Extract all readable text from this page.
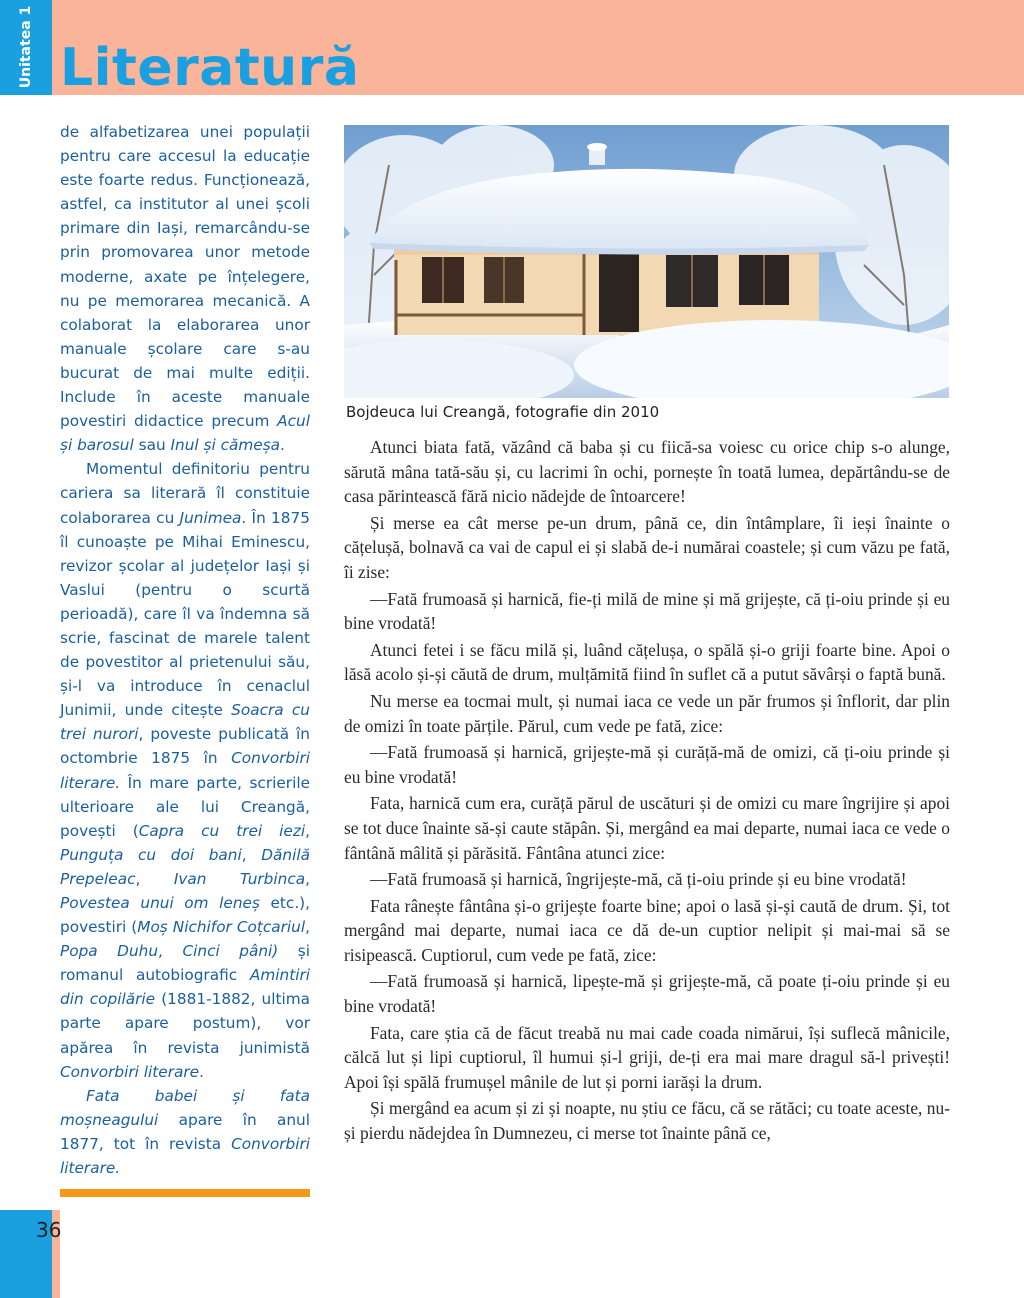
Unitatea 1 Literatură

de alfabetizarea unei populații pentru care accesul la educație este foarte redus. Funcționează, astfel, ca institutor al unei școli primare din Iași, remarcându-se prin promovarea unor metode moderne, axate pe înțelegere, nu pe memorarea mecanică. A colaborat la elaborarea unor manuale școlare care s-au bucurat de mai multe ediții. Include în aceste manuale povestiri didactice precum Acul și barosul sau Inul și cămeșa.

Momentul definitoriu pentru cariera sa literară îl constituie colaborarea cu Junimea. În 1875 îl cunoaște pe Mihai Eminescu, revizor școlar al județelor Iași și Vaslui (pentru o scurtă perioadă), care îl va îndemna să scrie, fascinat de marele talent de povestitor al prietenului său, și-l va introduce în cenaclul Junimii, unde citește Soacra cu trei nurori, poveste publicată în octombrie 1875 în Convorbiri literare. În mare parte, scrierile ulterioare ale lui Creangă, povești (Capra cu trei iezi, Punguța cu doi bani, Dănilă Prepeleac, Ivan Turbinca, Povestea unui om leneș etc.), povestiri (Moș Nichifor Coțcariul, Popa Duhu, Cinci pâni) și romanul autobiografic Amintiri din copilărie (1881-1882, ultima parte apare postum), vor apărea în revista junimistă Convorbiri literare.

Fata babei și fata moșneagului apare în anul 1877, tot în revista Convorbiri literare.

Bojdeuca lui Creangă, fotografie din 2010

Atunci biata fată, văzând că baba și cu fiică-sa voiesc cu orice chip s-o alunge, sărută mâna tată-său și, cu lacrimi în ochi, pornește în toată lumea, depărtându-se de casa părintească fără nicio nădejde de întoarcere!

Și merse ea cât merse pe-un drum, până ce, din întâmplare, îi ieși înainte o cățelușă, bolnavă ca vai de capul ei și slabă de-i numărai coastele; și cum văzu pe fată, îi zise:

—Fată frumoasă și harnică, fie-ți milă de mine și mă grijește, că ți-oiu prinde și eu bine vrodată!

Atunci fetei i se făcu milă și, luând cățelușa, o spălă și-o griji foarte bine. Apoi o lăsă acolo și-și căută de drum, mulțămită fiind în suflet că a putut săvârși o faptă bună.

Nu merse ea tocmai mult, și numai iaca ce vede un păr frumos și înflorit, dar plin de omizi în toate părțile. Părul, cum vede pe fată, zice:

—Fată frumoasă și harnică, grijește-mă și curăță-mă de omizi, că ți-oiu prinde și eu bine vrodată!

Fata, harnică cum era, curăță părul de uscături și de omizi cu mare îngrijire și apoi se tot duce înainte să-și caute stăpân. Și, mergând ea mai departe, numai iaca ce vede o fântână mâlită și părăsită. Fântâna atunci zice:

—Fată frumoasă și harnică, îngrijește-mă, că ți-oiu prinde și eu bine vrodată!

Fata rânește fântâna și-o grijește foarte bine; apoi o lasă și-și caută de drum. Și, tot mergând mai departe, numai iaca ce dă de-un cuptior nelipit și mai-mai să se risipească. Cuptiorul, cum vede pe fată, zice:

—Fată frumoasă și harnică, lipește-mă și grijește-mă, că poate ți-oiu prinde și eu bine vrodată!

Fata, care știa că de făcut treabă nu mai cade coada nimărui, își suflecă mânicile, călcă lut și lipi cuptiorul, îl humui și-l griji, de-ți era mai mare dragul să-l privești! Apoi își spălă frumușel mânile de lut și porni iarăși la drum.

Și mergând ea acum și zi și noapte, nu știu ce făcu, că se rătăci; cu toate aceste, nu-și pierdu nădejdea în Dumnezeu, ci merse tot înainte până ce,

36
